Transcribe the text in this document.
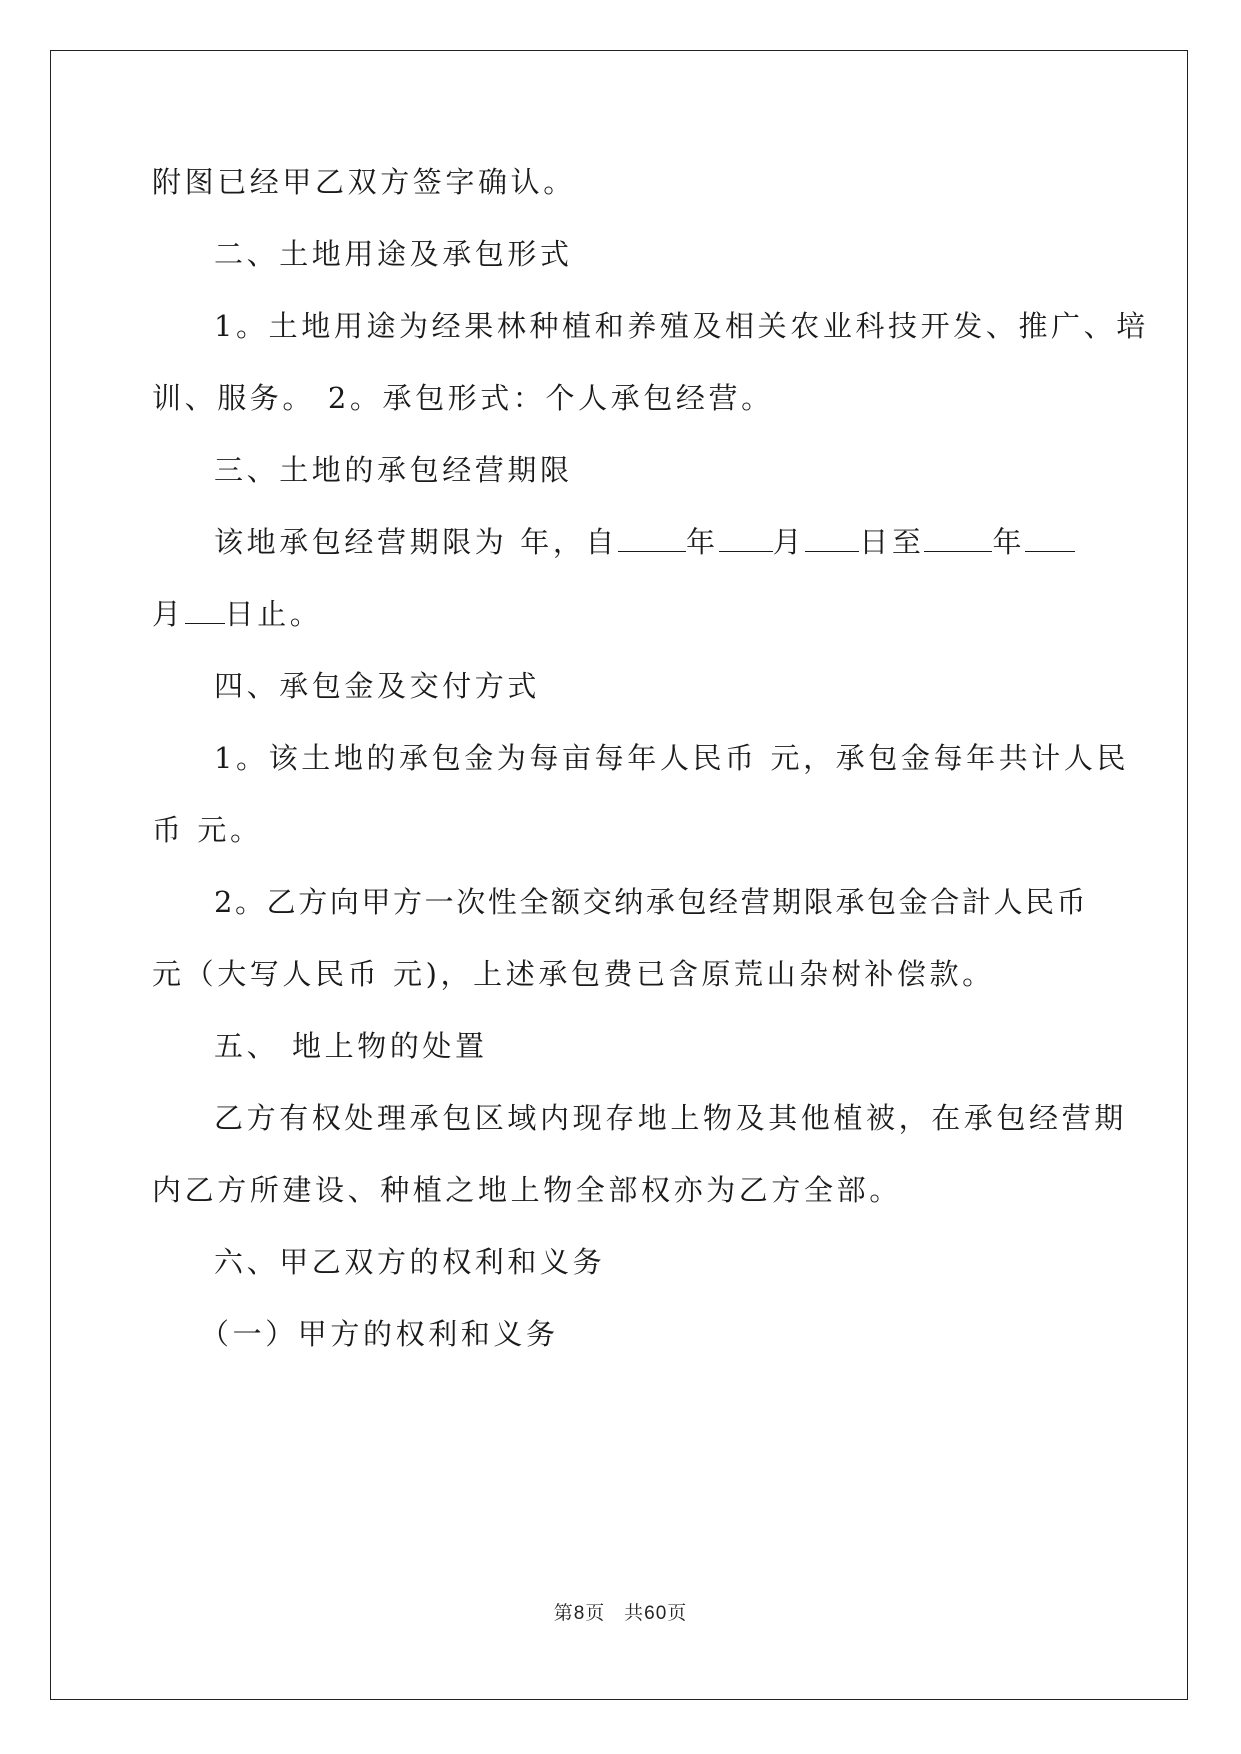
附图已经甲乙双方签字确认。
二、土地用途及承包形式
1。土地用途为经果林种植和养殖及相关农业科技开发、推广、培
训、服务。 2。承包形式：个人承包经营。
三、土地的承包经营期限
该地承包经营期限为 年，自 年 月 日至 年
月 日止。
四、承包金及交付方式
1。该土地的承包金为每亩每年人民币 元，承包金每年共计人民
币 元。
2。乙方向甲方一次性全额交纳承包经营期限承包金合計人民币
元（大写人民币 元)，上述承包费已含原荒山杂树补偿款。
五、 地上物的处置
乙方有权处理承包区域内现存地上物及其他植被，在承包经营期
内乙方所建设、种植之地上物全部权亦为乙方全部。
六、甲乙双方的权利和义务
（一）甲方的权利和义务
第8页 共60页
